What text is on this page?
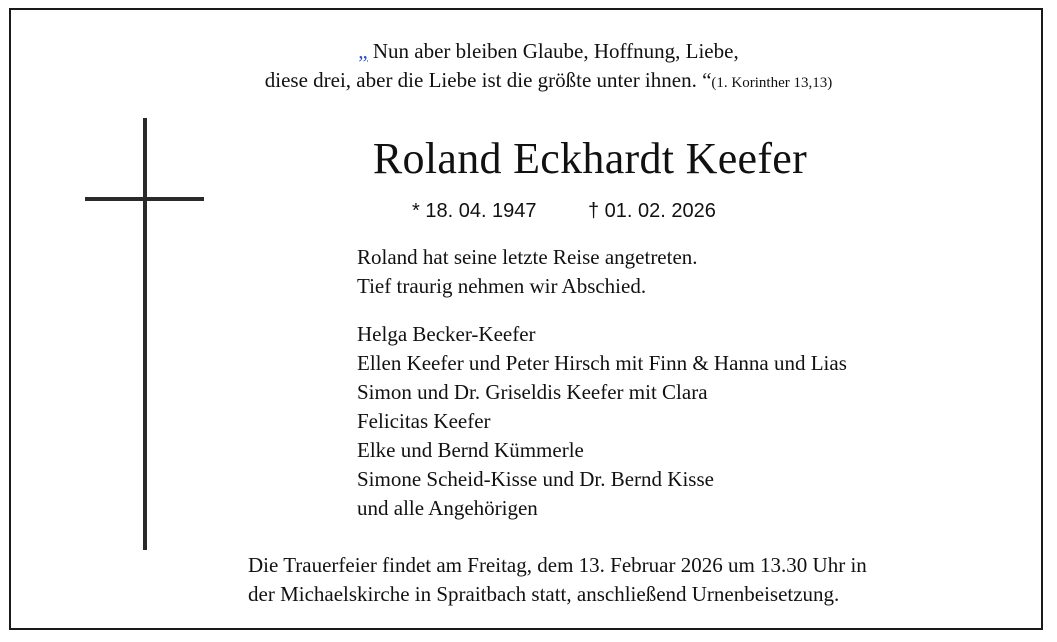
„ Nun aber bleiben Glaube, Hoffnung, Liebe,
diese drei, aber die Liebe ist die größte unter ihnen. “(1. Korinther 13,13)
Roland Eckhardt Keefer
* 18. 04. 1947	† 01. 02. 2026
Roland hat seine letzte Reise angetreten.
Tief traurig nehmen wir Abschied.
Helga Becker-Keefer
Ellen Keefer und Peter Hirsch mit Finn & Hanna und Lias
Simon und Dr. Griseldis Keefer mit Clara
Felicitas Keefer
Elke und Bernd Kümmerle
Simone Scheid-Kisse und Dr. Bernd Kisse
und alle Angehörigen
Die Trauerfeier findet am Freitag, dem 13. Februar 2026 um 13.30 Uhr in
der Michaelskirche in Spraitbach statt, anschließend Urnenbeisetzung.
